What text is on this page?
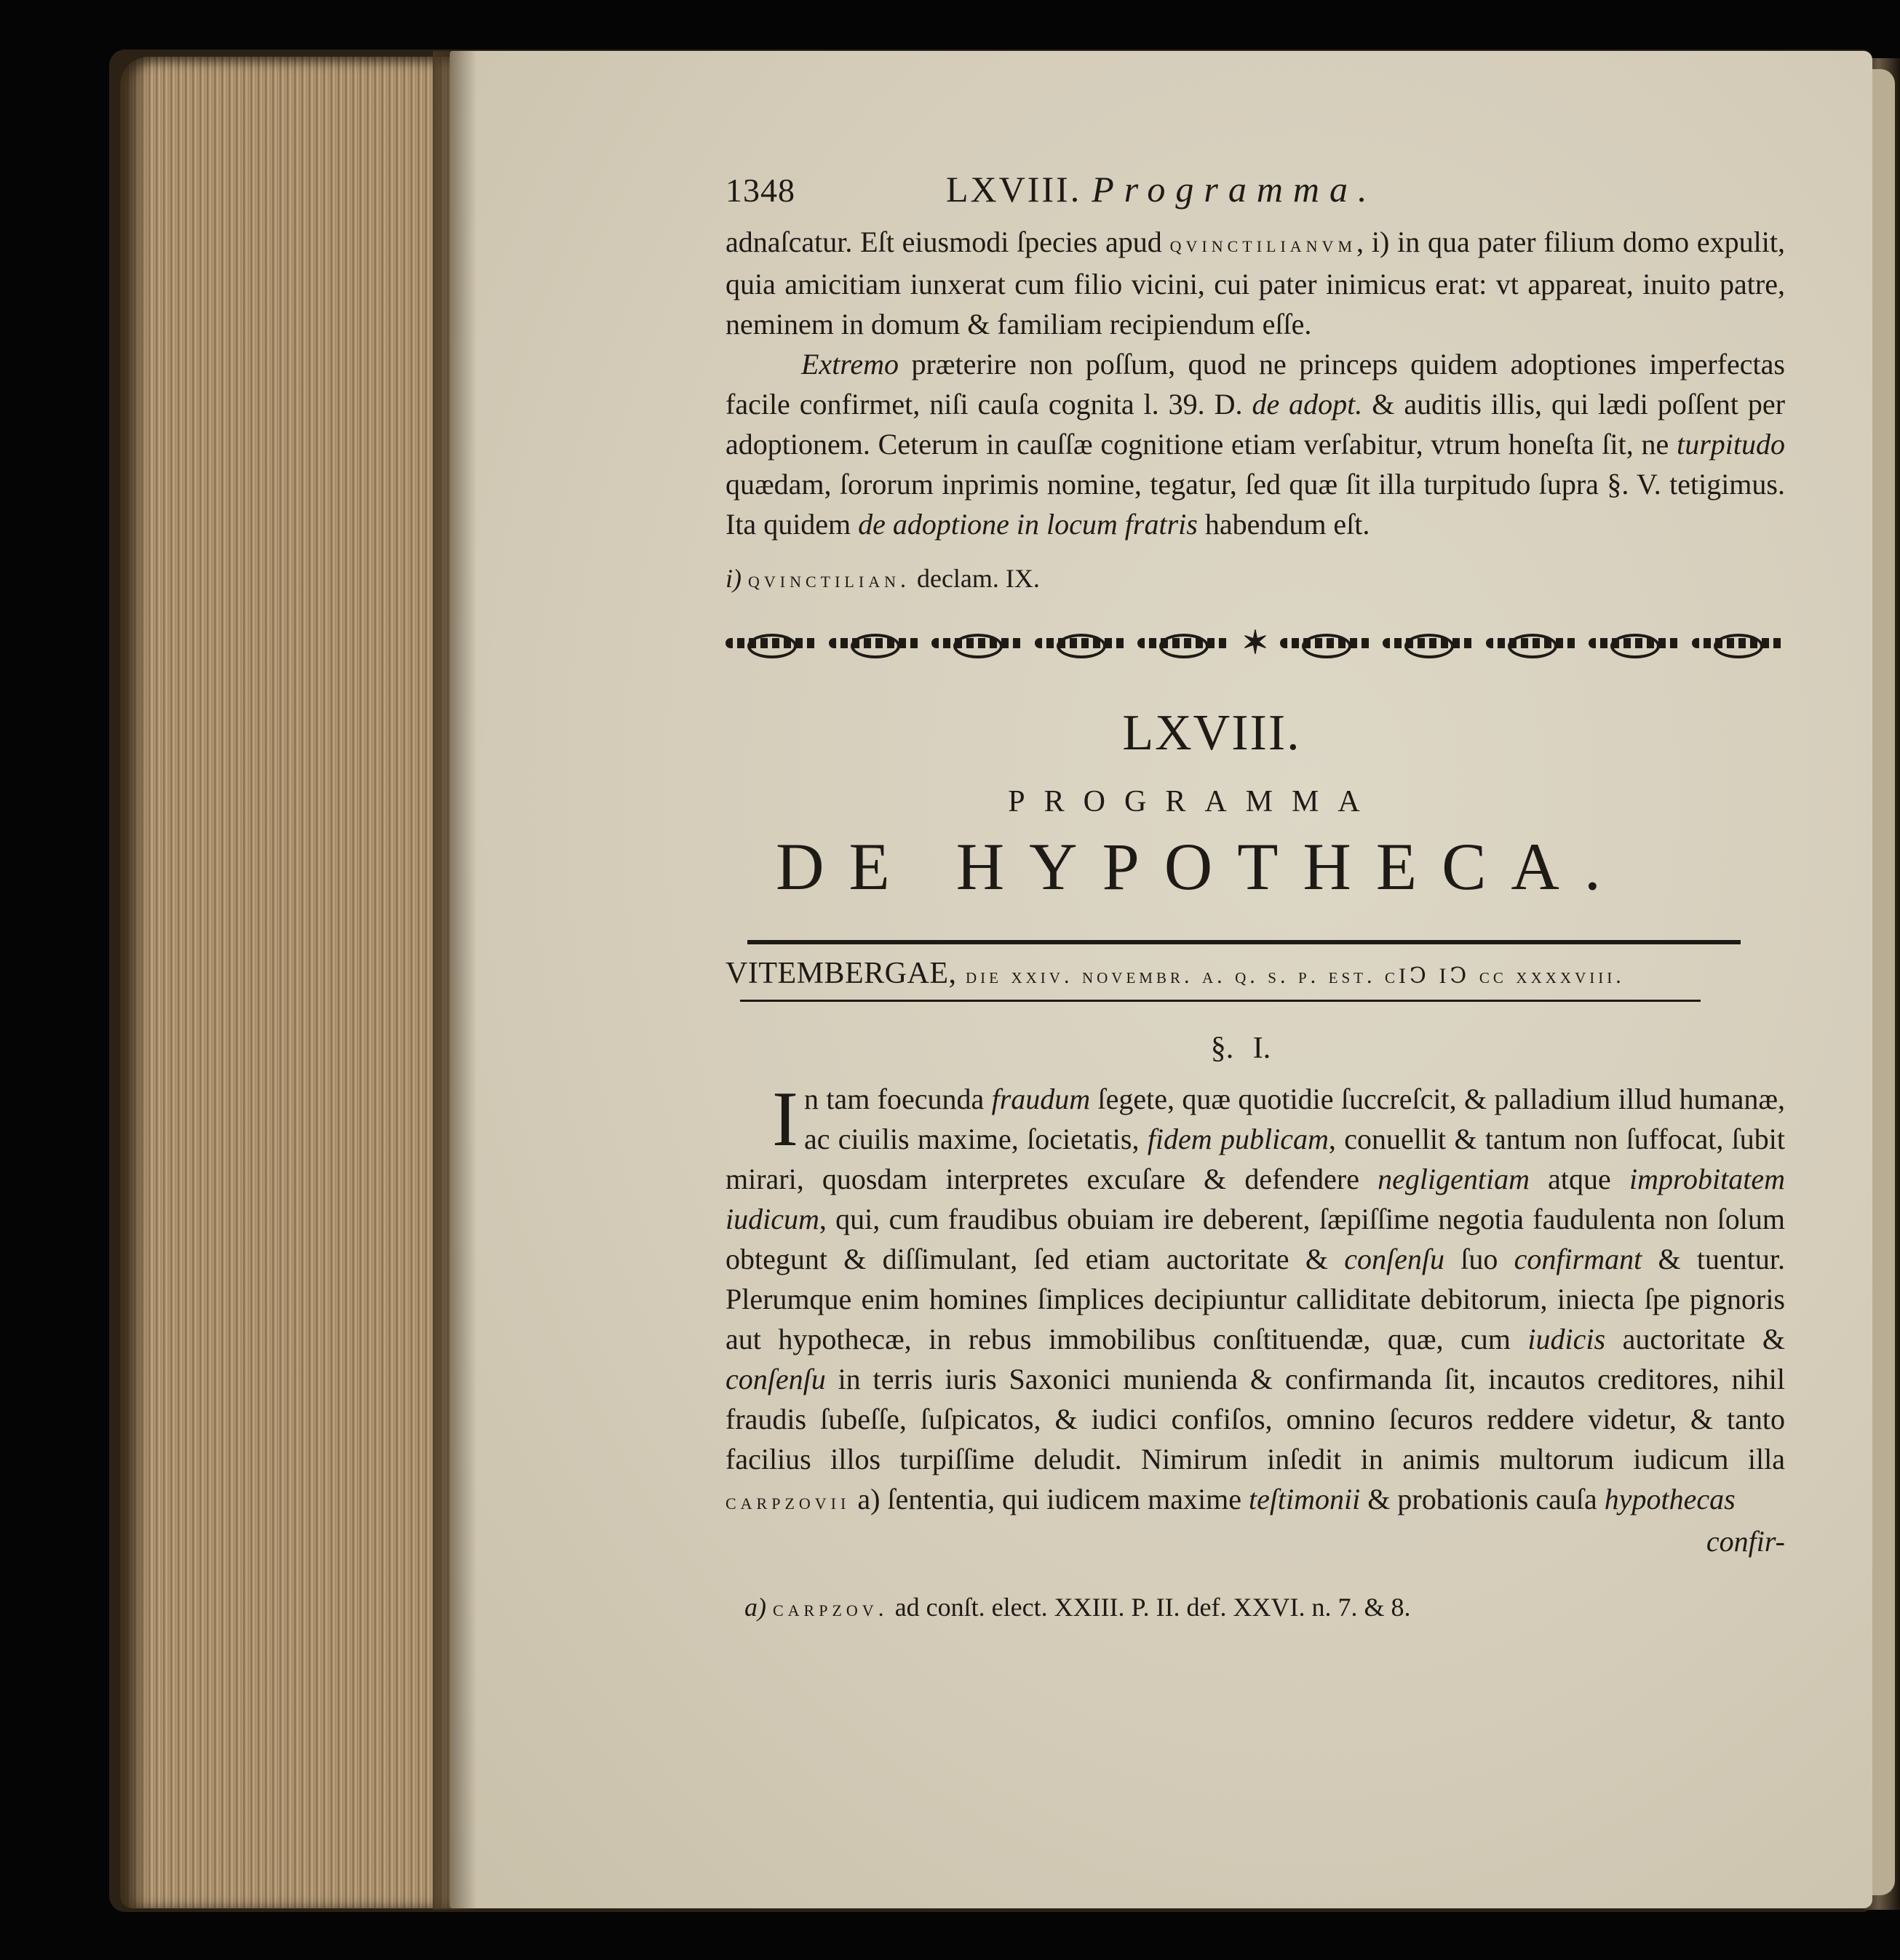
1348	LXVIII. Programma.

adnaſcatur. Eſt eiusmodi ſpecies apud qvinctilianvm, i) in qua pater filium domo expulit, quia amicitiam iunxerat cum filio vicini, cui pater inimicus erat: vt appareat, inuito patre, neminem in domum & familiam recipiendum eſſe.

Extremo præterire non poſſum, quod ne princeps quidem adoptiones imperfectas facile confirmet, niſi cauſa cognita l. 39. D. de adopt. & auditis illis, qui lædi poſſent per adoptionem. Ceterum in cauſſæ cognitione etiam verſabitur, vtrum honeſta ſit, ne turpitudo quædam, ſororum inprimis nomine, tegatur, ſed quæ ſit illa turpitudo ſupra §. V. tetigimus. Ita quidem de adoptione in locum fratris habendum eſt.

i) qvinctilian. declam. IX.

✶
LXVIII.
PROGRAMMA
DE HYPOTHECA.
VITEMBERGAE, die xxiv. novembr. a. q. s. p. est. cIↃ IↃ cc xxxxviii.
§. I.

In tam foecunda fraudum ſegete, quæ quotidie ſuccreſcit, & palladium illud humanæ, ac ciuilis maxime, ſocietatis, fidem publicam, conuellit & tantum non ſuffocat, ſubit mirari, quosdam interpretes excuſare & defendere negligentiam atque improbitatem iudicum, qui, cum fraudibus obuiam ire deberent, ſæpiſſime negotia faudulenta non ſolum obtegunt & diſſimulant, ſed etiam auctoritate & conſenſu ſuo confirmant & tuentur. Plerumque enim homines ſimplices decipiuntur calliditate debitorum, iniecta ſpe pignoris aut hypothecæ, in rebus immobilibus conſtituendæ, quæ, cum iudicis auctoritate & conſenſu in terris iuris Saxonici munienda & confirmanda ſit, incautos creditores, nihil fraudis ſubeſſe, ſuſpicatos, & iudici confiſos, omnino ſecuros reddere videtur, & tanto facilius illos turpiſſime deludit. Nimirum inſedit in animis multorum iudicum illa carpzovii a) ſententia, qui iudicem maxime teſtimonii & probationis cauſa hypothecas

confir-

a) carpzov. ad conſt. elect. XXIII. P. II. def. XXVI. n. 7. & 8.
